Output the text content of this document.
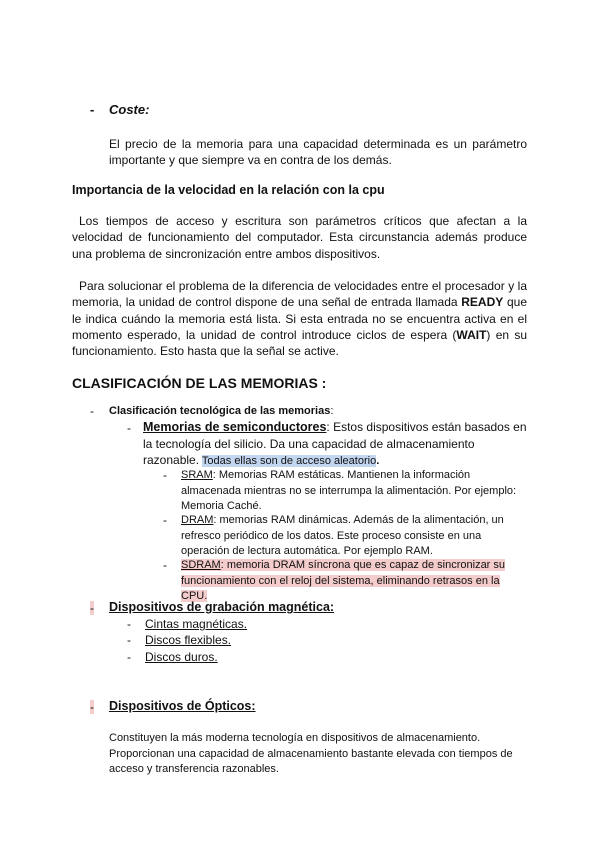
- Coste:
El precio de la memoria para una capacidad determinada es un parámetro importante y que siempre va en contra de los demás.
Importancia de la velocidad en la relación con la cpu
Los tiempos de acceso y escritura son parámetros críticos que afectan a la velocidad de funcionamiento del computador. Esta circunstancia además produce una problema de sincronización entre ambos dispositivos.
Para solucionar el problema de la diferencia de velocidades entre el procesador y la memoria, la unidad de control dispone de una señal de entrada llamada READY que le indica cuándo la memoria está lista. Si esta entrada no se encuentra activa en el momento esperado, la unidad de control introduce ciclos de espera (WAIT) en su funcionamiento. Esto hasta que la señal se active.
CLASIFICACIÓN DE LAS MEMORIAS :
- Clasificación tecnológica de las memorias:
- Memorias de semiconductores: Estos dispositivos están basados en la tecnología del silicio. Da una capacidad de almacenamiento razonable. Todas ellas son de acceso aleatorio.
- SRAM: Memorias RAM estáticas. Mantienen la información almacenada mientras no se interrumpa la alimentación. Por ejemplo: Memoria Caché.
- DRAM: memorias RAM dinámicas. Además de la alimentación, un refresco periódico de los datos. Este proceso consiste en una operación de lectura automática. Por ejemplo RAM.
- SDRAM: memoria DRAM síncrona que es capaz de sincronizar su funcionamiento con el reloj del sistema, eliminando retrasos en la CPU.
- Dispositivos de grabación magnética:
- Cintas magnéticas.
- Discos flexibles.
- Discos duros.
- Dispositivos de Ópticos:
Constituyen la más moderna tecnología en dispositivos de almacenamiento. Proporcionan una capacidad de almacenamiento bastante elevada con tiempos de acceso y transferencia razonables.
